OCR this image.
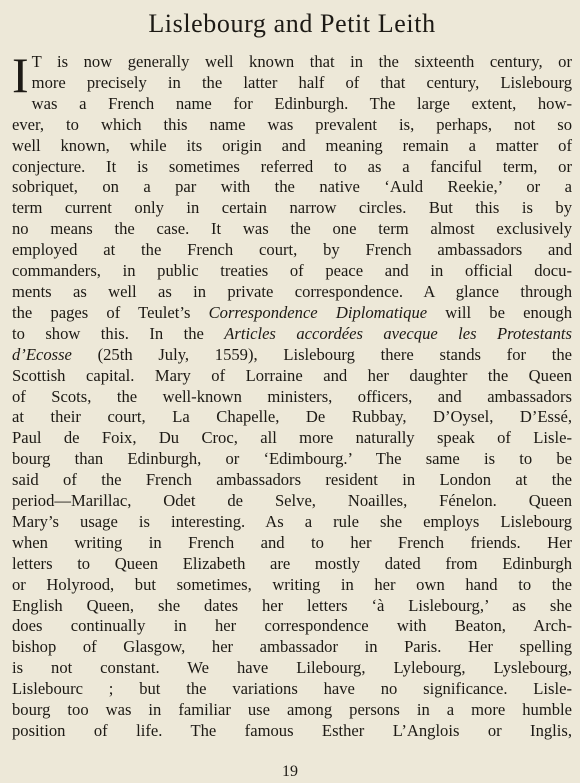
Lislebourg and Petit Leith
I T is now generally well known that in the sixteenth century, or
more precisely in the latter half of that century, Lislebourg
was a French name for Edinburgh. The large extent, how-
ever, to which this name was prevalent is, perhaps, not so
well known, while its origin and meaning remain a matter of
conjecture. It is sometimes referred to as a fanciful term, or
sobriquet, on a par with the native ‘Auld Reekie,’ or a
term current only in certain narrow circles. But this is by
no means the case. It was the one term almost exclusively
employed at the French court, by French ambassadors and
commanders, in public treaties of peace and in official docu-
ments as well as in private correspondence. A glance through
the pages of Teulet’s Correspondence Diplomatique will be enough
to show this. In the Articles accordées avecque les Protestants
d’Ecosse (25th July, 1559), Lislebourg there stands for the
Scottish capital. Mary of Lorraine and her daughter the Queen
of Scots, the well-known ministers, officers, and ambassadors
at their court, La Chapelle, De Rubbay, D’Oysel, D’Essé,
Paul de Foix, Du Croc, all more naturally speak of Lisle-
bourg than Edinburgh, or ‘Edimbourg.’ The same is to be
said of the French ambassadors resident in London at the
period—Marillac, Odet de Selve, Noailles, Fénelon. Queen
Mary’s usage is interesting. As a rule she employs Lislebourg
when writing in French and to her French friends. Her
letters to Queen Elizabeth are mostly dated from Edinburgh
or Holyrood, but sometimes, writing in her own hand to the
English Queen, she dates her letters ‘à Lislebourg,’ as she
does continually in her correspondence with Beaton, Arch-
bishop of Glasgow, her ambassador in Paris. Her spelling
is not constant. We have Lilebourg, Lylebourg, Lyslebourg,
Lislebourc ; but the variations have no significance. Lisle-
bourg too was in familiar use among persons in a more humble
position of life. The famous Esther L’Anglois or Inglis,
19
